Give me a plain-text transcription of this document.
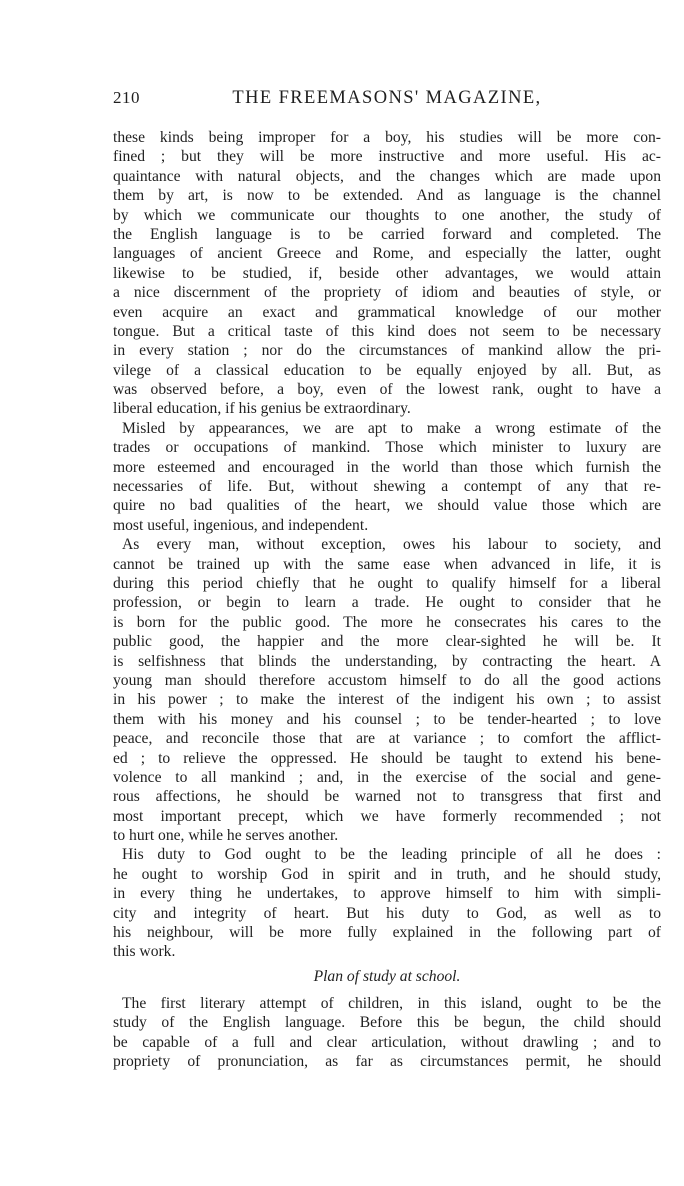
210	THE FREEMASONS' MAGAZINE,
these kinds being improper for a boy, his studies will be more con-
fined ; but they will be more instructive and more useful. His ac-
quaintance with natural objects, and the changes which are made upon
them by art, is now to be extended. And as language is the channel
by which we communicate our thoughts to one another, the study of
the English language is to be carried forward and completed. The
languages of ancient Greece and Rome, and especially the latter, ought
likewise to be studied, if, beside other advantages, we would attain
a nice discernment of the propriety of idiom and beauties of style, or
even acquire an exact and grammatical knowledge of our mother
tongue. But a critical taste of this kind does not seem to be necessary
in every station ; nor do the circumstances of mankind allow the pri-
vilege of a classical education to be equally enjoyed by all. But, as
was observed before, a boy, even of the lowest rank, ought to have a
liberal education, if his genius be extraordinary.
Misled by appearances, we are apt to make a wrong estimate of the
trades or occupations of mankind. Those which minister to luxury are
more esteemed and encouraged in the world than those which furnish the
necessaries of life. But, without shewing a contempt of any that re-
quire no bad qualities of the heart, we should value those which are
most useful, ingenious, and independent.
As every man, without exception, owes his labour to society, and
cannot be trained up with the same ease when advanced in life, it is
during this period chiefly that he ought to qualify himself for a liberal
profession, or begin to learn a trade. He ought to consider that he
is born for the public good. The more he consecrates his cares to the
public good, the happier and the more clear-sighted he will be. It
is selfishness that blinds the understanding, by contracting the heart. A
young man should therefore accustom himself to do all the good actions
in his power ; to make the interest of the indigent his own ; to assist
them with his money and his counsel ; to be tender-hearted ; to love
peace, and reconcile those that are at variance ; to comfort the afflict-
ed ; to relieve the oppressed. He should be taught to extend his bene-
volence to all mankind ; and, in the exercise of the social and gene-
rous affections, he should be warned not to transgress that first and
most important precept, which we have formerly recommended ; not
to hurt one, while he serves another.
His duty to God ought to be the leading principle of all he does :
he ought to worship God in spirit and in truth, and he should study,
in every thing he undertakes, to approve himself to him with simpli-
city and integrity of heart. But his duty to God, as well as to
his neighbour, will be more fully explained in the following part of
this work.
Plan of study at school.
The first literary attempt of children, in this island, ought to be the
study of the English language. Before this be begun, the child should
be capable of a full and clear articulation, without drawling ; and to
propriety of pronunciation, as far as circumstances permit, he should
